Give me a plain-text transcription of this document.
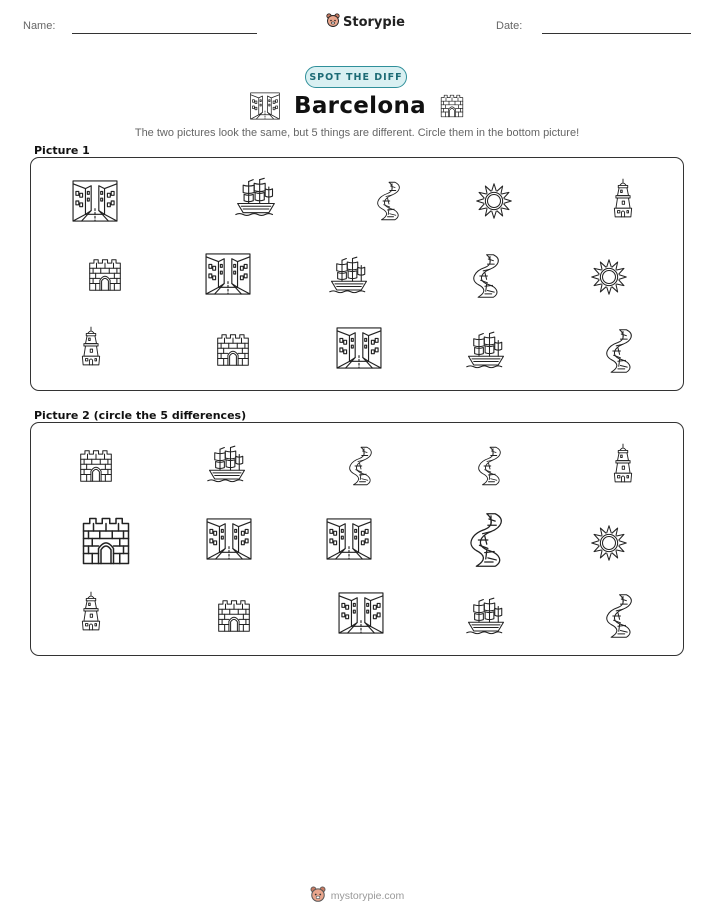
Name:	Storypie	Date:
SPOT THE DIFF
Barcelona
The two pictures look the same, but 5 things are different. Circle them in the bottom picture!
Picture 1
Picture 2 (circle the 5 differences)
mystorypie.com
